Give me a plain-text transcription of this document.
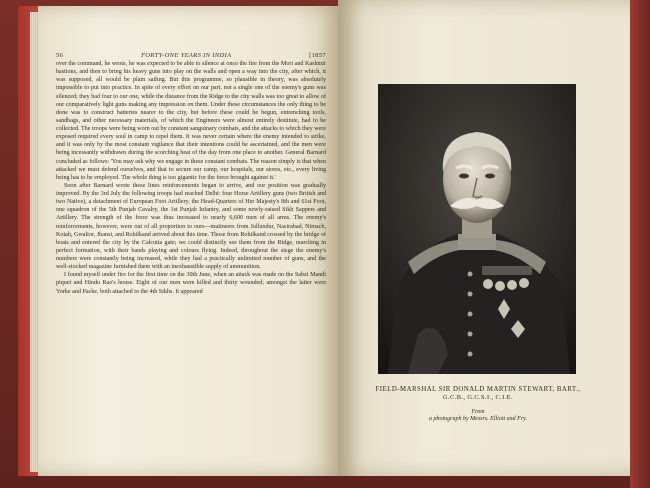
56	FORTY-ONE YEARS IN INDIA	[1857

over the command, he wrote, he was expected to be able to silence at once the fire from the Mori and Kashmir bastions, and then to bring his heavy guns into play on the walls and open a way into the city, after which, it was supposed, all would be plain sailing. But this programme, so plausible in theory, was absolutely impossible to put into practice. In spite of every effort on our part, not a single one of the enemy's guns was silenced; they had four to our one, while the distance from the Ridge to the city walls was too great to allow of our comparatively light guns making any impression on them. Under these circumstances the only thing to be done was to construct batteries nearer to the city, but before these could be begun, entrenching tools, sandbags, and other necessary materials, of which the Engineers were almost entirely destitute, had to be collected. The troops were being worn out by constant sanguinary combats, and the attacks to which they were exposed required every soul in camp to repel them. It was never certain where the enemy intended to strike, and it was only by the most constant vigilance that their intentions could be ascertained, and the men were being incessantly withdrawn during the scorching heat of the day from one place to another. General Barnard concluded as follows: 'You may ask why we engage in these constant combats. The reason simply is that when attacked we must defend ourselves, and that to secure our camp, our hospitals, our stores, etc., every living being has to be employed. The whole thing is too gigantic for the force brought against it.'

Soon after Barnard wrote these lines reinforcements began to arrive, and our position was gradually improved. By the 3rd July the following troops had reached Delhi: four Horse Artillery guns (two British and two Native), a detachment of European Foot Artillery, the Head-Quarters of Her Majesty's 8th and 61st Foot, one squadron of the 5th Punjab Cavalry, the 1st Punjab Infantry, and some newly-raised Sikh Sappers and Artillery. The strength of the force was thus increased to nearly 6,600 men of all arms. The enemy's reinforcements, however, were out of all proportion to ours—mutineers from Jullundur, Nasirabad, Nimach, Kotah, Gwalior, Jhansi, and Rohilkand arrived about this time. Those from Rohilkand crossed by the bridge of boats and entered the city by the Calcutta gate; we could distinctly see them from the Ridge, marching in perfect formation, with their bands playing and colours flying. Indeed, throughout the siege the enemy's numbers were constantly being increased, while they had a practically unlimited number of guns, and the well-stocked magazine furnished them with an inexhaustible supply of ammunition.

I found myself under fire for the first time on the 30th June, when an attack was made on the Sabzi Mandi piquet and Hindu Rao's house. Eight of our men were killed and thirty wounded; amongst the latter were Yorke and Packe, both attached to the 4th Sikhs. It appeared

FIELD-MARSHAL SIR DONALD MARTIN STEWART, BART.,
G.C.B., G.C.S.I., C.I.E.
From
a photograph by Messrs. Elliott and Fry.
